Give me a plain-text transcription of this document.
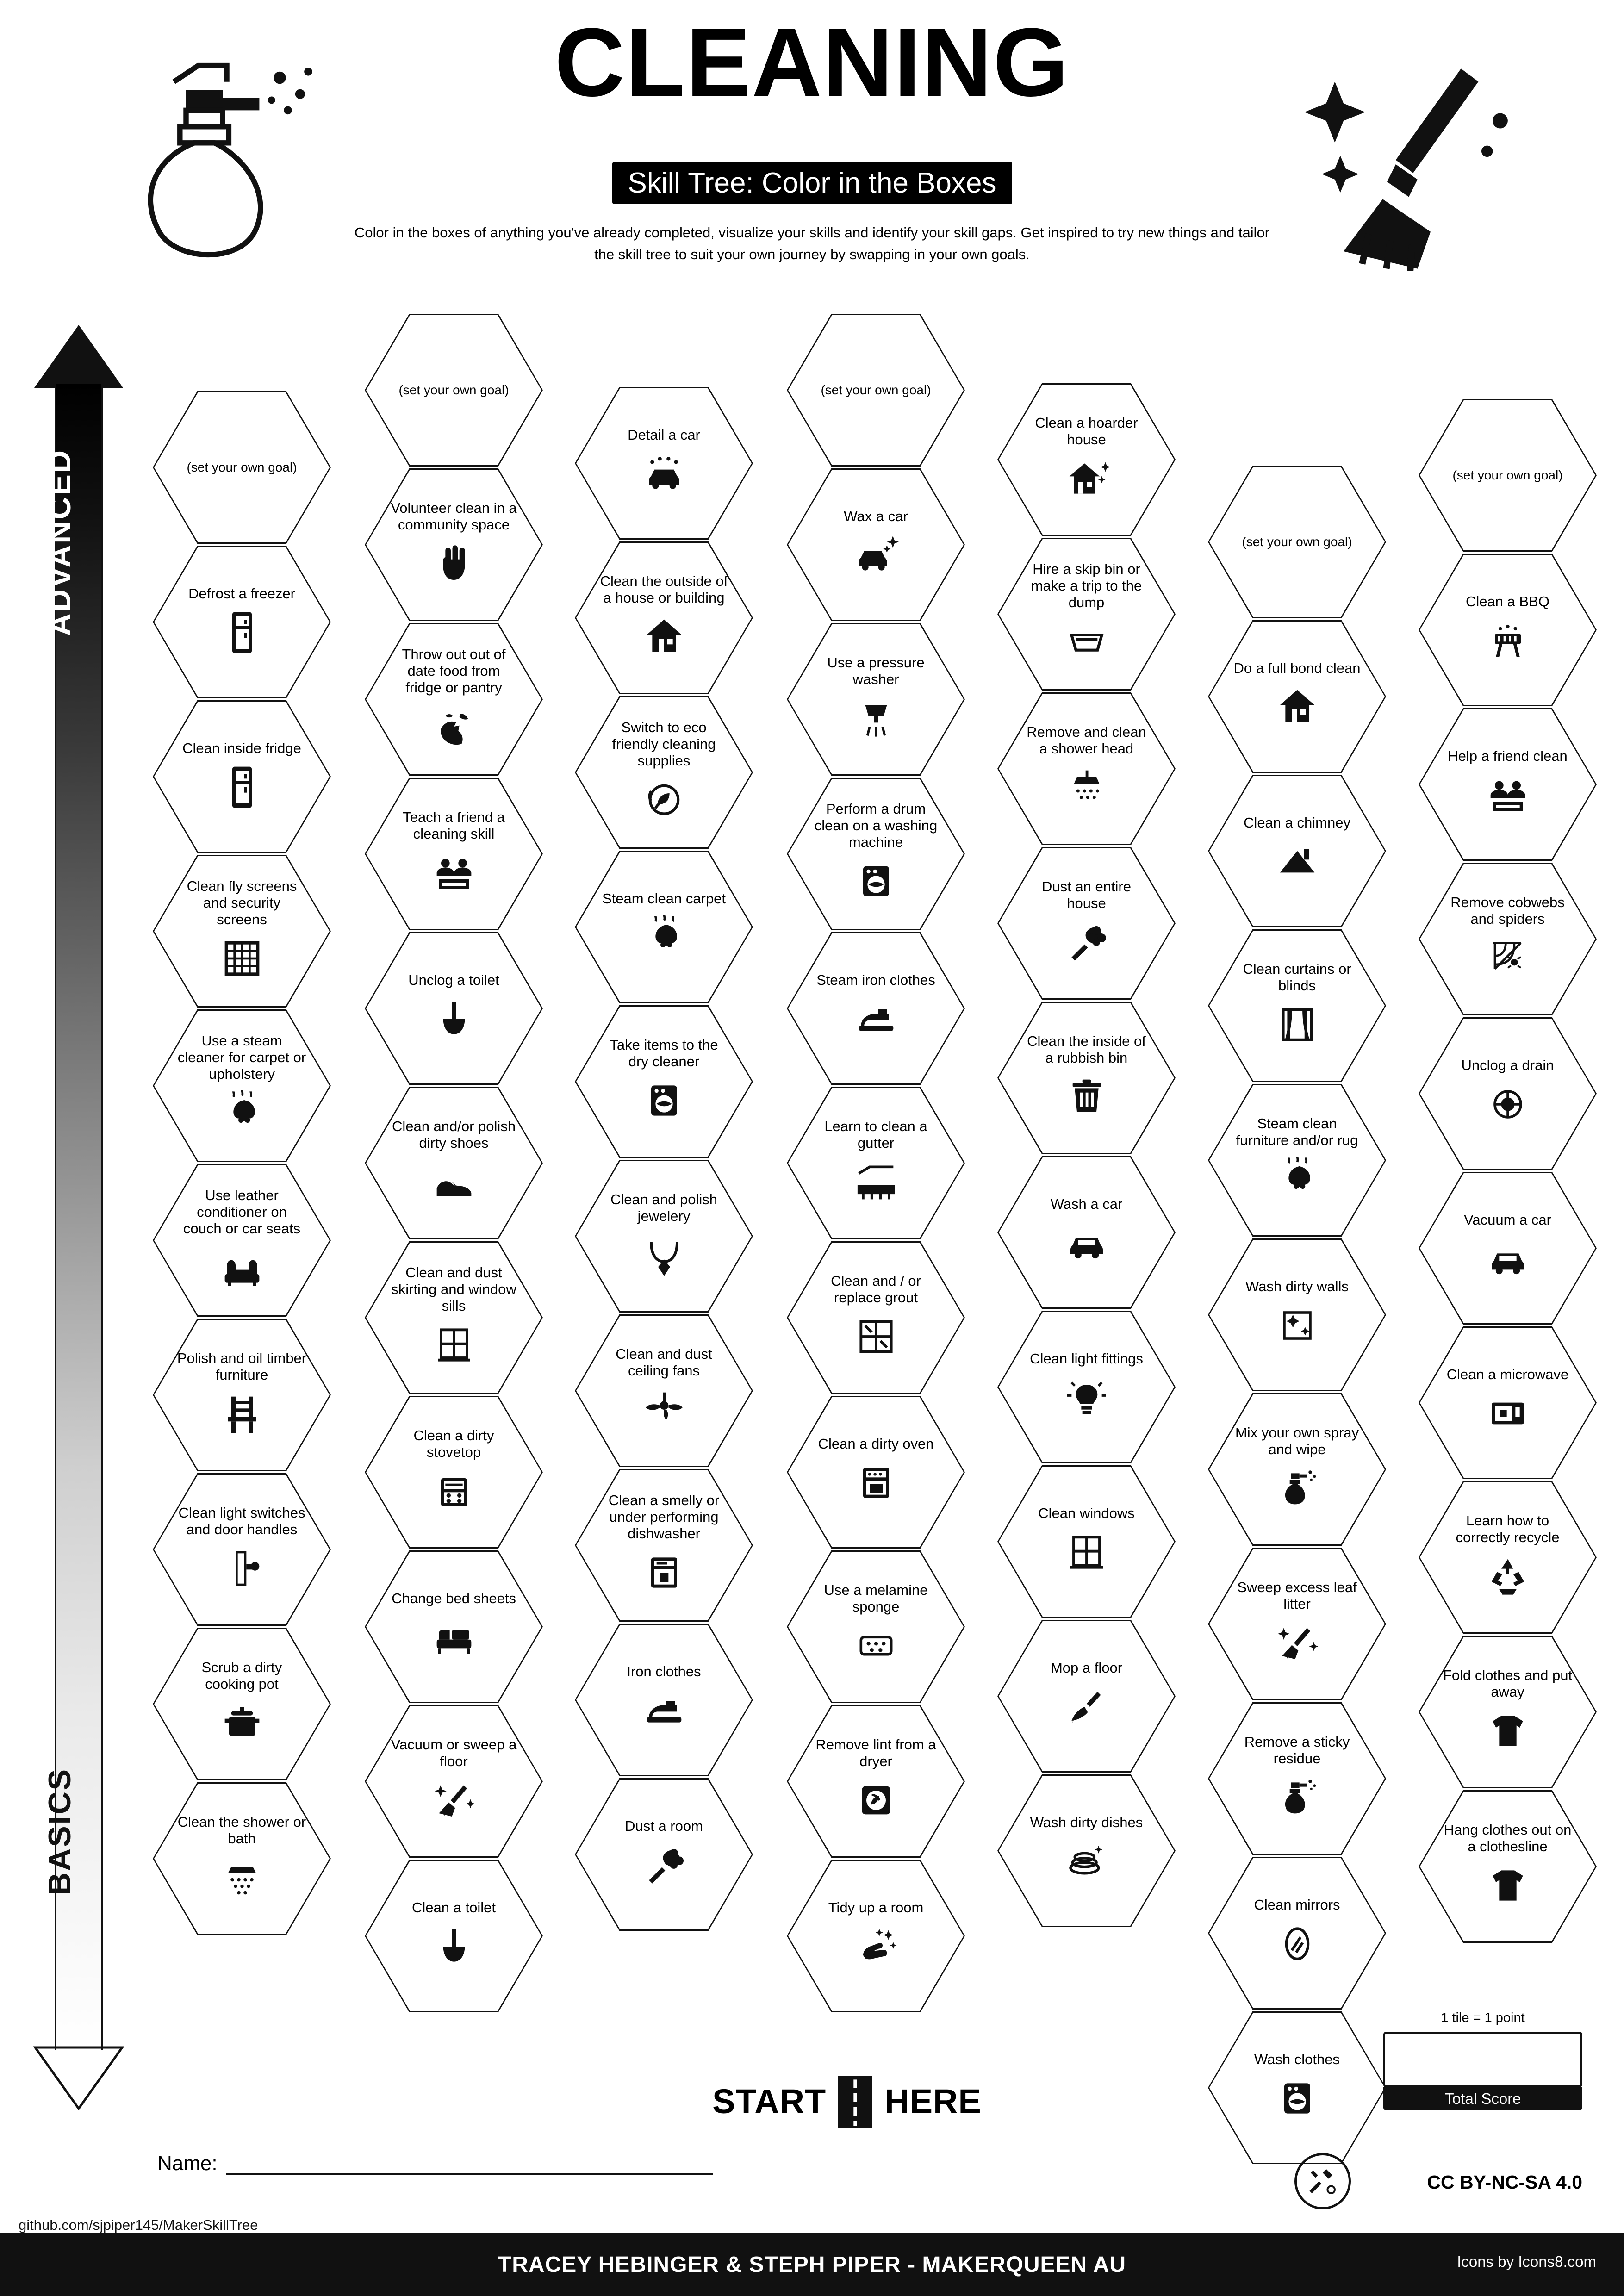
CLEANING
Skill Tree: Color in the Boxes
Color in the boxes of anything you've already completed, visualize your skills and identify your skill gaps. Get inspired to try new things and tailor the skill tree to suit your own journey by swapping in your own goals.
ADVANCED
BASICS
(set your own goal)
Defrost a freezer
Clean inside fridge
Clean fly screens and security screens
Use a steam cleaner for carpet or upholstery
Use leather conditioner on couch or car seats
Polish and oil timber furniture
Clean light switches and door handles
Scrub a dirty cooking pot
Clean the shower or bath
(set your own goal)
Volunteer clean in a community space
Throw out out of date food from fridge or pantry
Teach a friend a cleaning skill
Unclog a toilet
Clean and/or polish dirty shoes
Clean and dust skirting and window sills
Clean a dirty stovetop
Change bed sheets
Vacuum or sweep a floor
Clean a toilet
Detail a car
Clean the outside of a house or building
Switch to eco friendly cleaning supplies
Steam clean carpet
Take items to the dry cleaner
Clean and polish jewelery
Clean and dust ceiling fans
Clean a smelly or under performing dishwasher
Iron clothes
Dust a room
(set your own goal)
Wax a car
Use a pressure washer
Perform a drum clean on a washing machine
Steam iron clothes
Learn to clean a gutter
Clean and / or replace grout
Clean a dirty oven
Use a melamine sponge
Remove lint from a dryer
Tidy up a room
Clean a hoarder house
Hire a skip bin or make a trip to the dump
Remove and clean a shower head
Dust an entire house
Clean the inside of a rubbish bin
Wash a car
Clean light fittings
Clean windows
Mop a floor
Wash dirty dishes
(set your own goal)
Do a full bond clean
Clean a chimney
Clean curtains or blinds
Steam clean furniture and/or rug
Wash dirty walls
Mix your own spray and wipe
Sweep excess leaf litter
Remove a sticky residue
Clean mirrors
Wash clothes
(set your own goal)
Clean a BBQ
Help a friend clean
Remove cobwebs and spiders
Unclog a drain
Vacuum a car
Clean a microwave
Learn how to correctly recycle
Fold clothes and put away
Hang clothes out on a clothesline
START HERE
1 tile = 1 point
Total Score
Name:
CC BY-NC-SA 4.0
github.com/sjpiper145/MakerSkillTree
TRACEY HEBINGER & STEPH PIPER - MAKERQUEEN AU	Icons by Icons8.com
